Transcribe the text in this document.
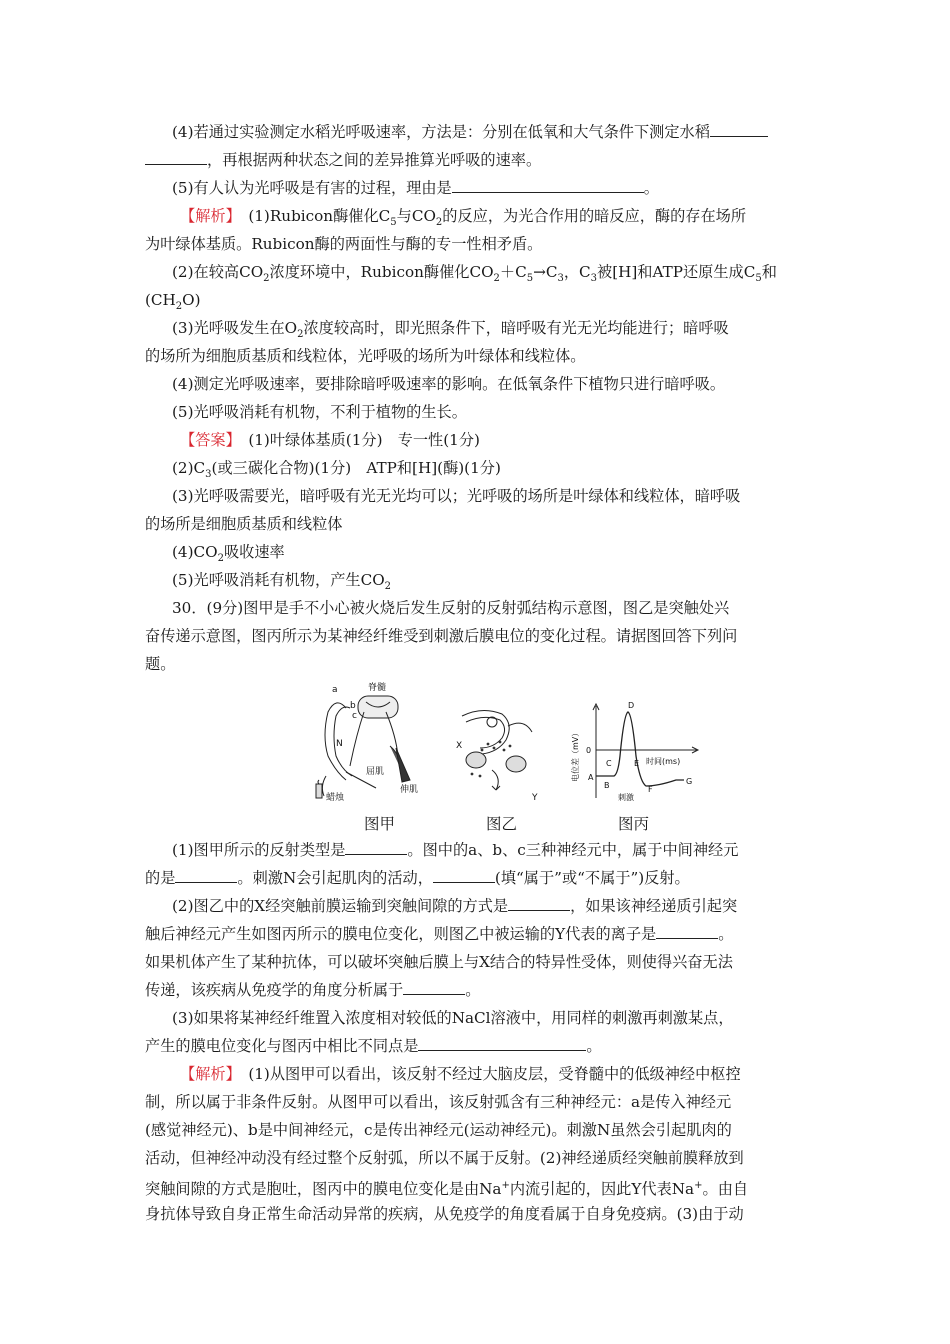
(4)若通过实验测定水稻光呼吸速率，方法是：分别在低氧和大气条件下测定水稻
，再根据两种状态之间的差异推算光呼吸的速率。
(5)有人认为光呼吸是有害的过程，理由是	。
【解析】　 (1)Rubicon酶催化$C_5$与$CO_2$的反应，为光合作用的暗反应，酶的存在场所
为叶绿体基质。Rubicon酶的两面性与酶的专一性相矛盾。
(2)在较高$CO_2$浓度环境中，Rubicon酶催化$CO_2+C_5\to C_3$，$C_3$被[H]和ATP还原生成$C_5$和
$(CH_2O)$
(3)光呼吸发生在$O_2$浓度较高时，即光照条件下，暗呼吸有光无光均能进行；暗呼吸
的场所为细胞质基质和线粒体，光呼吸的场所为叶绿体和线粒体。
(4)测定光呼吸速率，要排除暗呼吸速率的影响。在低氧条件下植物只进行暗呼吸。
(5)光呼吸消耗有机物，不利于植物的生长。
【答案】　 (1)叶绿体基质(1分)　专一性(1分)
$(2)C_3$(或三碳化合物)(1分)　ATP和[H](酶)(1分)
(3)光呼吸需要光，暗呼吸有光无光均可以；光呼吸的场所是叶绿体和线粒体，暗呼吸
的场所是细胞质基质和线粒体
$(4)CO_2$吸收速率
(5)光呼吸消耗有机物，产生$CO_2$
30．(9分)图甲是手不小心被火烧后发生反射的反射弧结构示意图，图乙是突触处兴
奋传递示意图，图丙所示为某神经纤维受到刺激后膜电位的变化过程。请据图回答下列问
题。
脊髓
a
b
c
N
屈肌
伸肌
蜡烛
X
Y
电位差（mV） 0
时间(ms)
A
B
C
D
E
F
G
刺激
图甲	图乙	图丙
(1)图甲所示的反射类型是	。图中的a、b、c三种神经元中，属于中间神经元
的是	。刺激N会引起肌肉的活动，	(填“属于”或“不属于”)反射。
(2)图乙中的X经突触前膜运输到突触间隙的方式是	，如果该神经递质引起突
触后神经元产生如图丙所示的膜电位变化，则图乙中被运输的Y代表的离子是	。
如果机体产生了某种抗体，可以破坏突触后膜上与X结合的特异性受体，则使得兴奋无法
传递，该疾病从免疫学的角度分析属于	。
(3)如果将某神经纤维置入浓度相对较低的NaCl溶液中，用同样的刺激再刺激某点，
产生的膜电位变化与图丙中相比不同点是	。
【解析】　 (1)从图甲可以看出，该反射不经过大脑皮层，受脊髓中的低级神经中枢控
制，所以属于非条件反射。从图甲可以看出，该反射弧含有三种神经元：a是传入神经元
(感觉神经元)、b是中间神经元，c是传出神经元(运动神经元)。刺激N虽然会引起肌肉的
活动，但神经冲动没有经过整个反射弧，所以不属于反射。(2)神经递质经突触前膜释放到
突触间隙的方式是胞吐，图丙中的膜电位变化是由Na+内流引起的，因此Y代表Na+。由自
身抗体导致自身正常生命活动异常的疾病，从免疫学的角度看属于自身免疫病。(3)由于动
